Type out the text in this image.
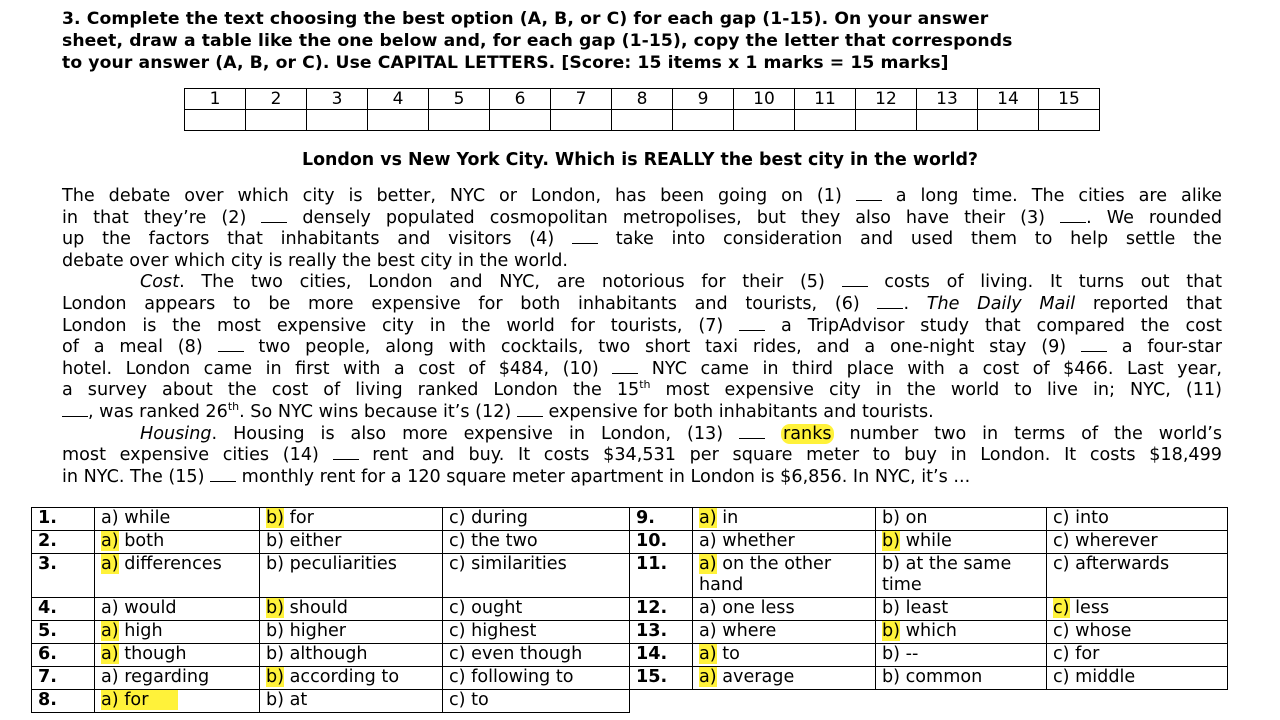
3. Complete the text choosing the best option (A, B, or C) for each gap (1-15). On your answer
sheet, draw a table like the one below and, for each gap (1-15), copy the letter that corresponds
to your answer (A, B, or C). Use CAPITAL LETTERS. [Score: 15 items x 1 marks = 15 marks]
1	2	3	4	5	6	7	8	9	10	11	12	13	14	15

London vs New York City. Which is REALLY the best city in the world?
The debate over which city is better, NYC or London, has been going on (1)  a long time. The cities are alike
in that they’re (2)  densely populated cosmopolitan metropolises, but they also have their (3) . We rounded
up the factors that inhabitants and visitors (4)  take into consideration and used them to help settle the
debate over which city is really the best city in the world.
Cost. The two cities, London and NYC, are notorious for their (5)  costs of living. It turns out that
London appears to be more expensive for both inhabitants and tourists, (6) . The Daily Mail reported that
London is the most expensive city in the world for tourists, (7)  a TripAdvisor study that compared the cost
of a meal (8)  two people, along with cocktails, two short taxi rides, and a one-night stay (9)  a four-star
hotel. London came in first with a cost of $484, (10)  NYC came in third place with a cost of $466. Last year,
a survey about the cost of living ranked London the 15th most expensive city in the world to live in; NYC, (11)
, was ranked 26th. So NYC wins because it’s (12)  expensive for both inhabitants and tourists.
Housing. Housing is also more expensive in London, (13)  ranks number two in terms of the world’s
most expensive cities (14)  rent and buy. It costs $34,531 per square meter to buy in London. It costs $18,499
in NYC. The (15)  monthly rent for a 120 square meter apartment in London is $6,856. In NYC, it’s ...
1.	a) while	b) for	c) during	9.	a) in	b) on	c) into
2.	a) both	b) either	c) the two	10.	a) whether	b) while	c) wherever
3.	a) differences	b) peculiarities	c) similarities	11.	a) on the other hand	b) at the same time	c) afterwards
4.	a) would	b) should	c) ought	12.	a) one less	b) least	c) less
5.	a) high	b) higher	c) highest	13.	a) where	b) which	c) whose
6.	a) though	b) although	c) even though	14.	a) to	b) --	c) for
7.	a) regarding	b) according to	c) following to	15.	a) average	b) common	c) middle
8.	a) for	b) at	c) to				
